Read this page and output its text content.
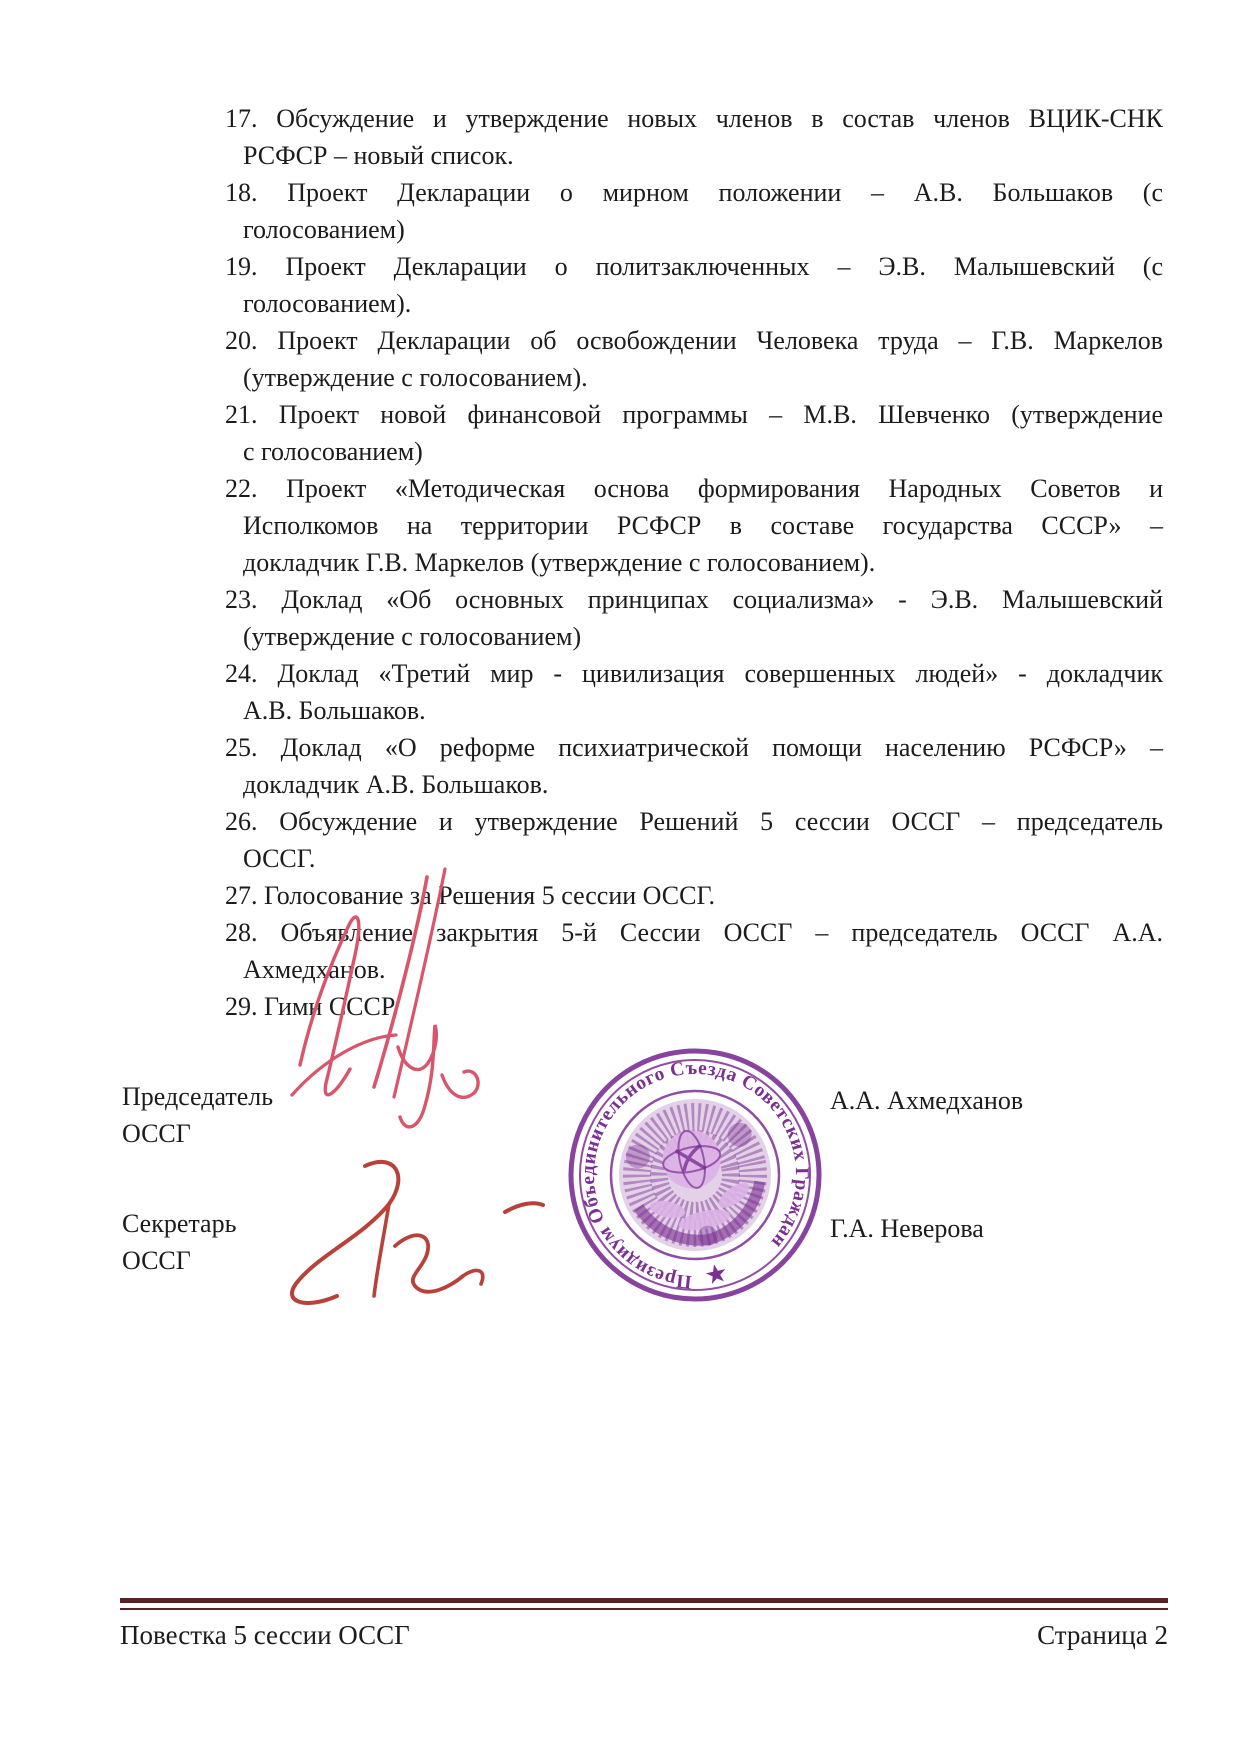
17. Обсуждение и утверждение новых членов в состав членов ВЦИК-СНК
РСФСР – новый список.
18. Проект Декларации о мирном положении – А.В. Большаков (с
голосованием)
19. Проект Декларации о политзаключенных – Э.В. Малышевский (с
голосованием).
20. Проект Декларации об освобождении Человека труда – Г.В. Маркелов
(утверждение с голосованием).
21. Проект новой финансовой программы – М.В. Шевченко (утверждение
с голосованием)
22. Проект «Методическая основа формирования Народных Советов и
Исполкомов на территории РСФСР в составе государства СССР» –
докладчик Г.В. Маркелов (утверждение с голосованием).
23. Доклад «Об основных принципах социализма» - Э.В. Малышевский
(утверждение с голосованием)
24. Доклад «Третий мир - цивилизация совершенных людей» - докладчик
А.В. Большаков.
25. Доклад «О реформе психиатрической помощи населению РСФСР» –
докладчик А.В. Большаков.
26. Обсуждение и утверждение Решений 5 сессии ОССГ – председатель
ОССГ.
27. Голосование за Решения 5 сессии ОССГ.
28. Объявление закрытия 5-й Сессии ОССГ – председатель ОССГ А.А.
Ахмедханов.
29. Гимн СССР.
Председатель
ОССГ
Секретарь
ОССГ
Президиум Объединительного Съезда Советских Граждан
★
А.А. Ахмедханов
Г.А. Неверова
Повестка 5 сессии ОССГ	Страница 2
